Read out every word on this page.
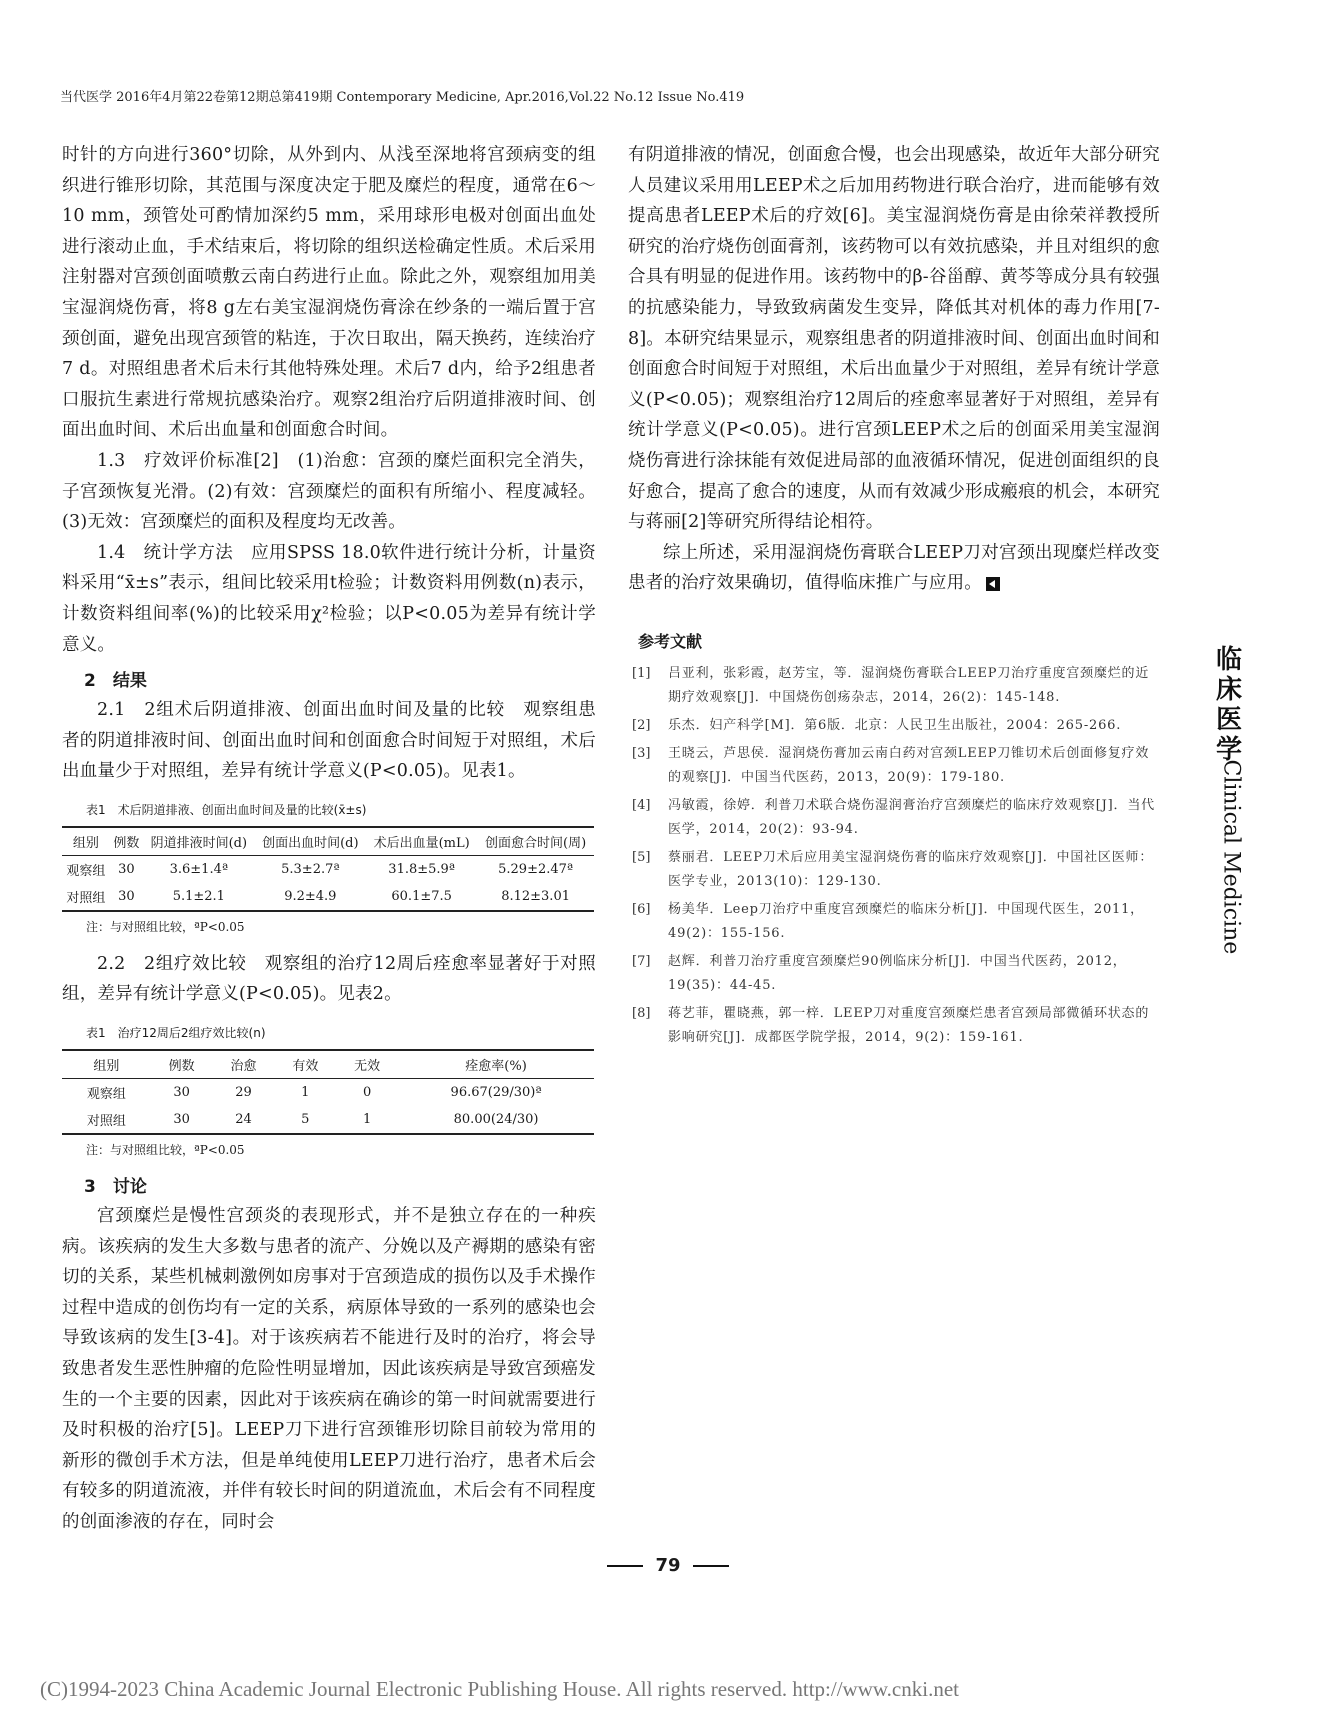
当代医学 2016年4月第22卷第12期总第419期 Contemporary Medicine, Apr.2016,Vol.22 No.12 Issue No.419

时针的方向进行360°切除，从外到内、从浅至深地将宫颈病变的组织进行锥形切除，其范围与深度决定于肥及糜烂的程度，通常在6～10 mm，颈管处可酌情加深约5 mm，采用球形电极对创面出血处进行滚动止血，手术结束后，将切除的组织送检确定性质。术后采用注射器对宫颈创面喷敷云南白药进行止血。除此之外，观察组加用美宝湿润烧伤膏，将8 g左右美宝湿润烧伤膏涂在纱条的一端后置于宫颈创面，避免出现宫颈管的粘连，于次日取出，隔天换药，连续治疗7 d。对照组患者术后未行其他特殊处理。术后7 d内，给予2组患者口服抗生素进行常规抗感染治疗。观察2组治疗后阴道排液时间、创面出血时间、术后出血量和创面愈合时间。

1.3　疗效评价标准[2]　(1)治愈：宫颈的糜烂面积完全消失，子宫颈恢复光滑。(2)有效：宫颈糜烂的面积有所缩小、程度减轻。(3)无效：宫颈糜烂的面积及程度均无改善。

1.4　统计学方法　应用SPSS 18.0软件进行统计分析，计量资料采用“x̄±s”表示，组间比较采用t检验；计数资料用例数(n)表示，计数资料组间率(%)的比较采用χ²检验；以P<0.05为差异有统计学意义。

2　结果

2.1　2组术后阴道排液、创面出血时间及量的比较　观察组患者的阴道排液时间、创面出血时间和创面愈合时间短于对照组，术后出血量少于对照组，差异有统计学意义(P<0.05)。见表1。

表1　术后阴道排液、创面出血时间及量的比较(x̄±s)
组别	例数	阴道排液时间(d)	创面出血时间(d)	术后出血量(mL)	创面愈合时间(周)
观察组	30	3.6±1.4ª	5.3±2.7ª	31.8±5.9ª	5.29±2.47ª
对照组	30	5.1±2.1	9.2±4.9	60.1±7.5	8.12±3.01
注：与对照组比较，ªP<0.05

2.2　2组疗效比较　观察组的治疗12周后痊愈率显著好于对照组，差异有统计学意义(P<0.05)。见表2。

表1　治疗12周后2组疗效比较(n)
组别	例数	治愈	有效	无效	痊愈率(%)
观察组	30	29	1	0	96.67(29/30)ª
对照组	30	24	5	1	80.00(24/30)
注：与对照组比较，ªP<0.05
3　讨论

宫颈糜烂是慢性宫颈炎的表现形式，并不是独立存在的一种疾病。该疾病的发生大多数与患者的流产、分娩以及产褥期的感染有密切的关系，某些机械刺激例如房事对于宫颈造成的损伤以及手术操作过程中造成的创伤均有一定的关系，病原体导致的一系列的感染也会导致该病的发生[3-4]。对于该疾病若不能进行及时的治疗，将会导致患者发生恶性肿瘤的危险性明显增加，因此该疾病是导致宫颈癌发生的一个主要的因素，因此对于该疾病在确诊的第一时间就需要进行及时积极的治疗[5]。LEEP刀下进行宫颈锥形切除目前较为常用的新形的微创手术方法，但是单纯使用LEEP刀进行治疗，患者术后会有较多的阴道流液，并伴有较长时间的阴道流血，术后会有不同程度的创面渗液的存在，同时会

有阴道排液的情况，创面愈合慢，也会出现感染，故近年大部分研究人员建议采用用LEEP术之后加用药物进行联合治疗，进而能够有效提高患者LEEP术后的疗效[6]。美宝湿润烧伤膏是由徐荣祥教授所研究的治疗烧伤创面膏剂，该药物可以有效抗感染，并且对组织的愈合具有明显的促进作用。该药物中的β-谷甾醇、黄芩等成分具有较强的抗感染能力，导致致病菌发生变异，降低其对机体的毒力作用[7-8]。本研究结果显示，观察组患者的阴道排液时间、创面出血时间和创面愈合时间短于对照组，术后出血量少于对照组，差异有统计学意义(P<0.05)；观察组治疗12周后的痊愈率显著好于对照组，差异有统计学意义(P<0.05)。进行宫颈LEEP术之后的创面采用美宝湿润烧伤膏进行涂抹能有效促进局部的血液循环情况，促进创面组织的良好愈合，提高了愈合的速度，从而有效减少形成瘢痕的机会，本研究与蒋丽[2]等研究所得结论相符。

综上所述，采用湿润烧伤膏联合LEEP刀对宫颈出现糜烂样改变患者的治疗效果确切，值得临床推广与应用。

参考文献
[1]	吕亚利，张彩霞，赵芳宝，等．湿润烧伤膏联合LEEP刀治疗重度宫颈糜烂的近期疗效观察[J]．中国烧伤创疡杂志，2014，26(2)：145-148.
[2]	乐杰．妇产科学[M]．第6版．北京：人民卫生出版社，2004：265-266.
[3]	王晓云，芦思侯．湿润烧伤膏加云南白药对宫颈LEEP刀锥切术后创面修复疗效的观察[J]．中国当代医药，2013，20(9)：179-180.
[4]	冯敏霞，徐婷．利普刀术联合烧伤湿润膏治疗宫颈糜烂的临床疗效观察[J]．当代医学，2014，20(2)：93-94.
[5]	蔡丽君．LEEP刀术后应用美宝湿润烧伤膏的临床疗效观察[J]．中国社区医师：医学专业，2013(10)：129-130.
[6]	杨美华．Leep刀治疗中重度宫颈糜烂的临床分析[J]．中国现代医生，2011，49(2)：155-156.
[7]	赵辉．利普刀治疗重度宫颈糜烂90例临床分析[J]．中国当代医药，2012，19(35)：44-45.
[8]	蒋艺菲，瞿晓燕，郭一梓．LEEP刀对重度宫颈糜烂患者宫颈局部微循环状态的影响研究[J]．成都医学院学报，2014，9(2)：159-161.
临床医学
Clinical Medicine
79
(C)1994-2023 China Academic Journal Electronic Publishing House. All rights reserved. http://www.cnki.net
